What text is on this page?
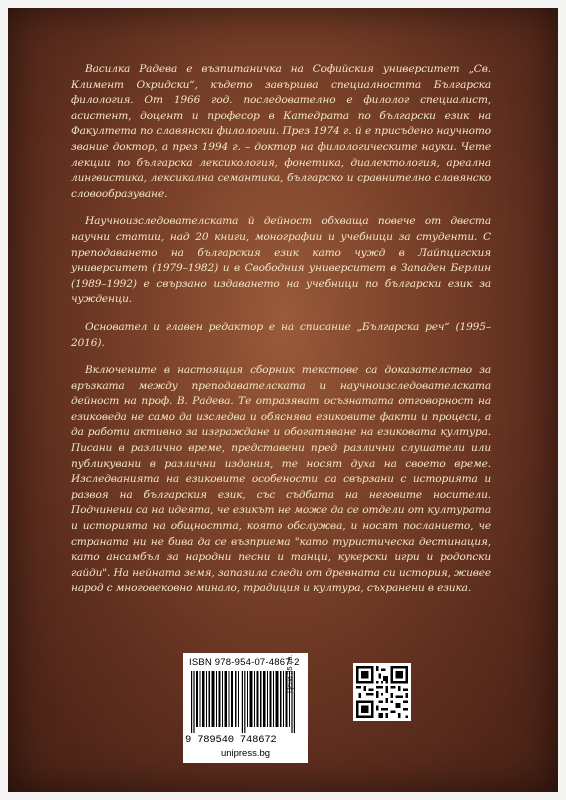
Василка Радева е възпитаничка на Софийския университет „Св. Климент Охридски“, където завършва специалността Българска филология. От 1966 год. последователно е филолог специалист, асистент, доцент и професор в Катедрата по български език на Факултета по славянски филологии. През 1974 г. й е присъдено научното звание доктор, а през 1994 г. – доктор на филологическите науки. Чете лекции по българска лексикология, фонетика, диалектология, ареална лингвистика, лексикална семантика, българско и сравнително славянско словообразуване.

Научноизследователската й дейност обхваща повече от двеста научни статии, над 20 книги, монографии и учебници за студенти. С преподаването на българския език като чужд в Лайпцигския университет (1979–1982) и в Свободния университет в Западен Берлин (1989–1992) е свързано издаването на учебници по български език за чужденци.

Основател и главен редактор е на списание „Българска реч“ (1995–2016).

Включените в настоящия сборник текстове са доказателство за връзката между преподавателската и научноизследователската дейност на проф. В. Радева. Те отразяват осъзнатата отговорност на езиковеда не само да изследва и обяснява езиковите факти и процеси, а да работи активно за изграждане и обогатяване на езиковата култура. Писани в различно време, представени пред различни слушатели или публикувани в различни издания, те носят духа на своето време. Изследванията на езиковите особености са свързани с историята и развоя на българския език, със съдбата на неговите носители. Подчинени са на идеята, че езикът не може да се отдели от културата и историята на общността, която обслужва, и носят посланието, че страната ни не бива да се възприема "като туристическа дестинация, като ансамбъл за народни песни и танци, кукерски игри и родопски гайди". На нейната земя, запазила следи от древната си история, живее народ с многовековно минало, традиция и култура, съхранени в езика.

ISBN 978-954-07-4867-2
Цена 35 лв.
9 789540 748672
unipress.bg
